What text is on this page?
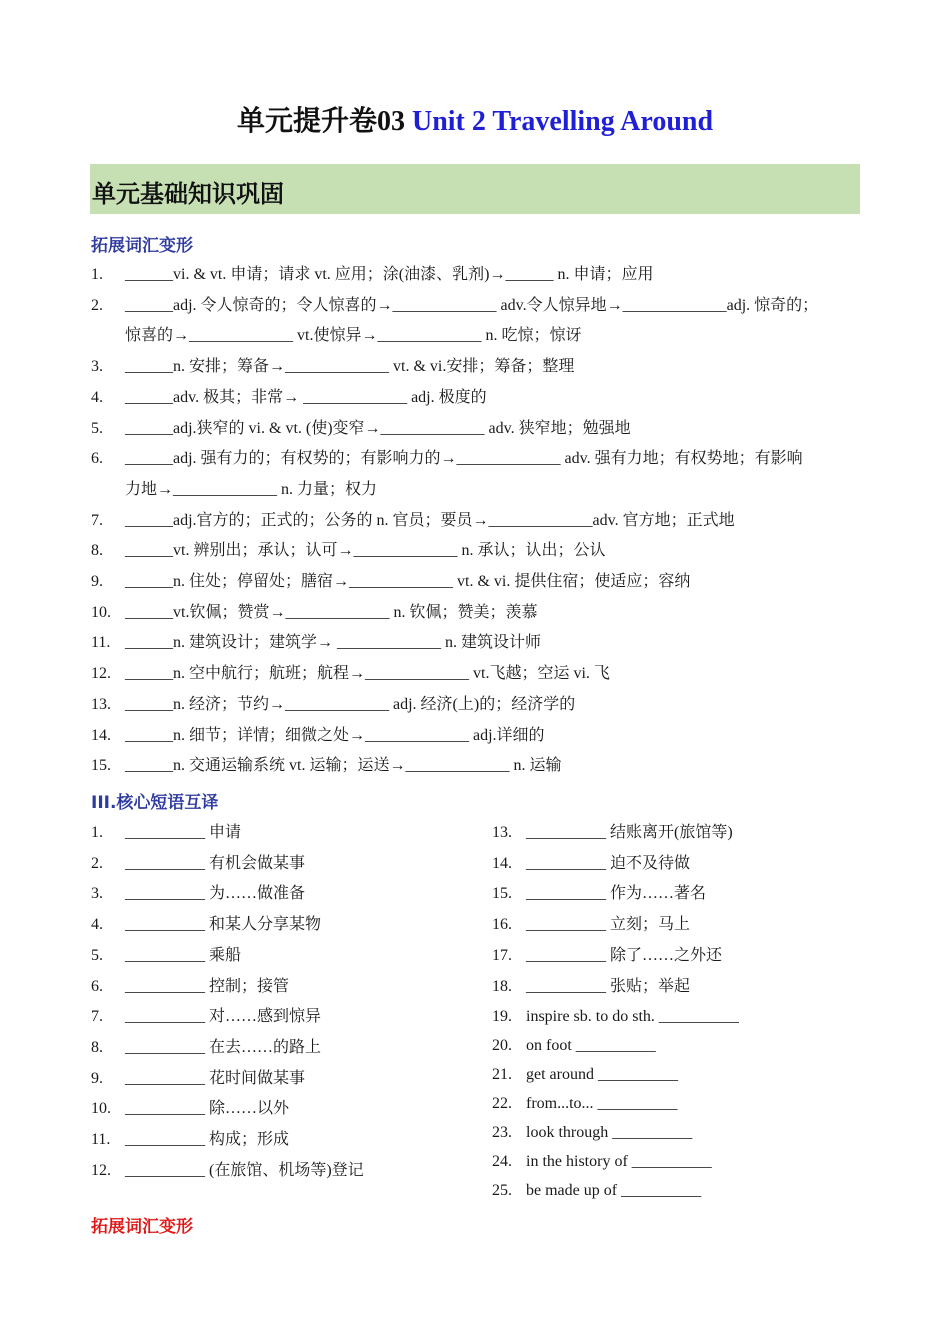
单元提升卷03 Unit 2 Travelling Around
单元基础知识巩固
拓展词汇变形
1. ______vi. & vt. 申请；请求 vt. 应用；涂(油漆、乳剂)→______ n. 申请；应用
2. ______adj. 令人惊奇的；令人惊喜的→_____________ adv.令人惊异地→_____________adj. 惊奇的；
惊喜的→_____________ vt.使惊异→_____________ n. 吃惊；惊讶
3. ______n. 安排；筹备→_____________ vt. & vi.安排；筹备；整理
4. ______adv. 极其；非常→ _____________ adj. 极度的
5. ______adj.狭窄的 vi. & vt. (使)变窄→_____________ adv. 狭窄地；勉强地
6. ______adj. 强有力的；有权势的；有影响力的→_____________ adv. 强有力地；有权势地；有影响
力地→_____________ n. 力量；权力
7. ______adj.官方的；正式的；公务的 n. 官员；要员→_____________adv. 官方地；正式地
8. ______vt. 辨别出；承认；认可→_____________ n. 承认；认出；公认
9. ______n. 住处；停留处；膳宿→_____________ vt. & vi. 提供住宿；使适应；容纳
10. ______vt.钦佩；赞赏→_____________ n. 钦佩；赞美；羡慕
11. ______n. 建筑设计；建筑学→ _____________ n. 建筑设计师
12. ______n. 空中航行；航班；航程→_____________ vt.飞越；空运 vi. 飞
13. ______n. 经济；节约→_____________ adj. 经济(上)的；经济学的
14. ______n. 细节；详情；细微之处→_____________ adj.详细的
15. ______n. 交通运输系统 vt. 运输；运送→_____________ n. 运输
III.核心短语互译
1. __________ 申请
2. __________ 有机会做某事
3. __________ 为……做准备
4. __________ 和某人分享某物
5. __________ 乘船
6. __________ 控制；接管
7. __________ 对……感到惊异
8. __________ 在去……的路上
9. __________ 花时间做某事
10. __________ 除……以外
11. __________ 构成；形成
12. __________ (在旅馆、机场等)登记
13. __________ 结账离开(旅馆等)
14. __________ 迫不及待做
15. __________ 作为……著名
16. __________ 立刻；马上
17. __________ 除了……之外还
18. __________ 张贴；举起
19. inspire sb. to do sth. __________
20. on foot __________
21. get around __________
22. from...to... __________
23. look through __________
24. in the history of __________
25. be made up of __________
拓展词汇变形
